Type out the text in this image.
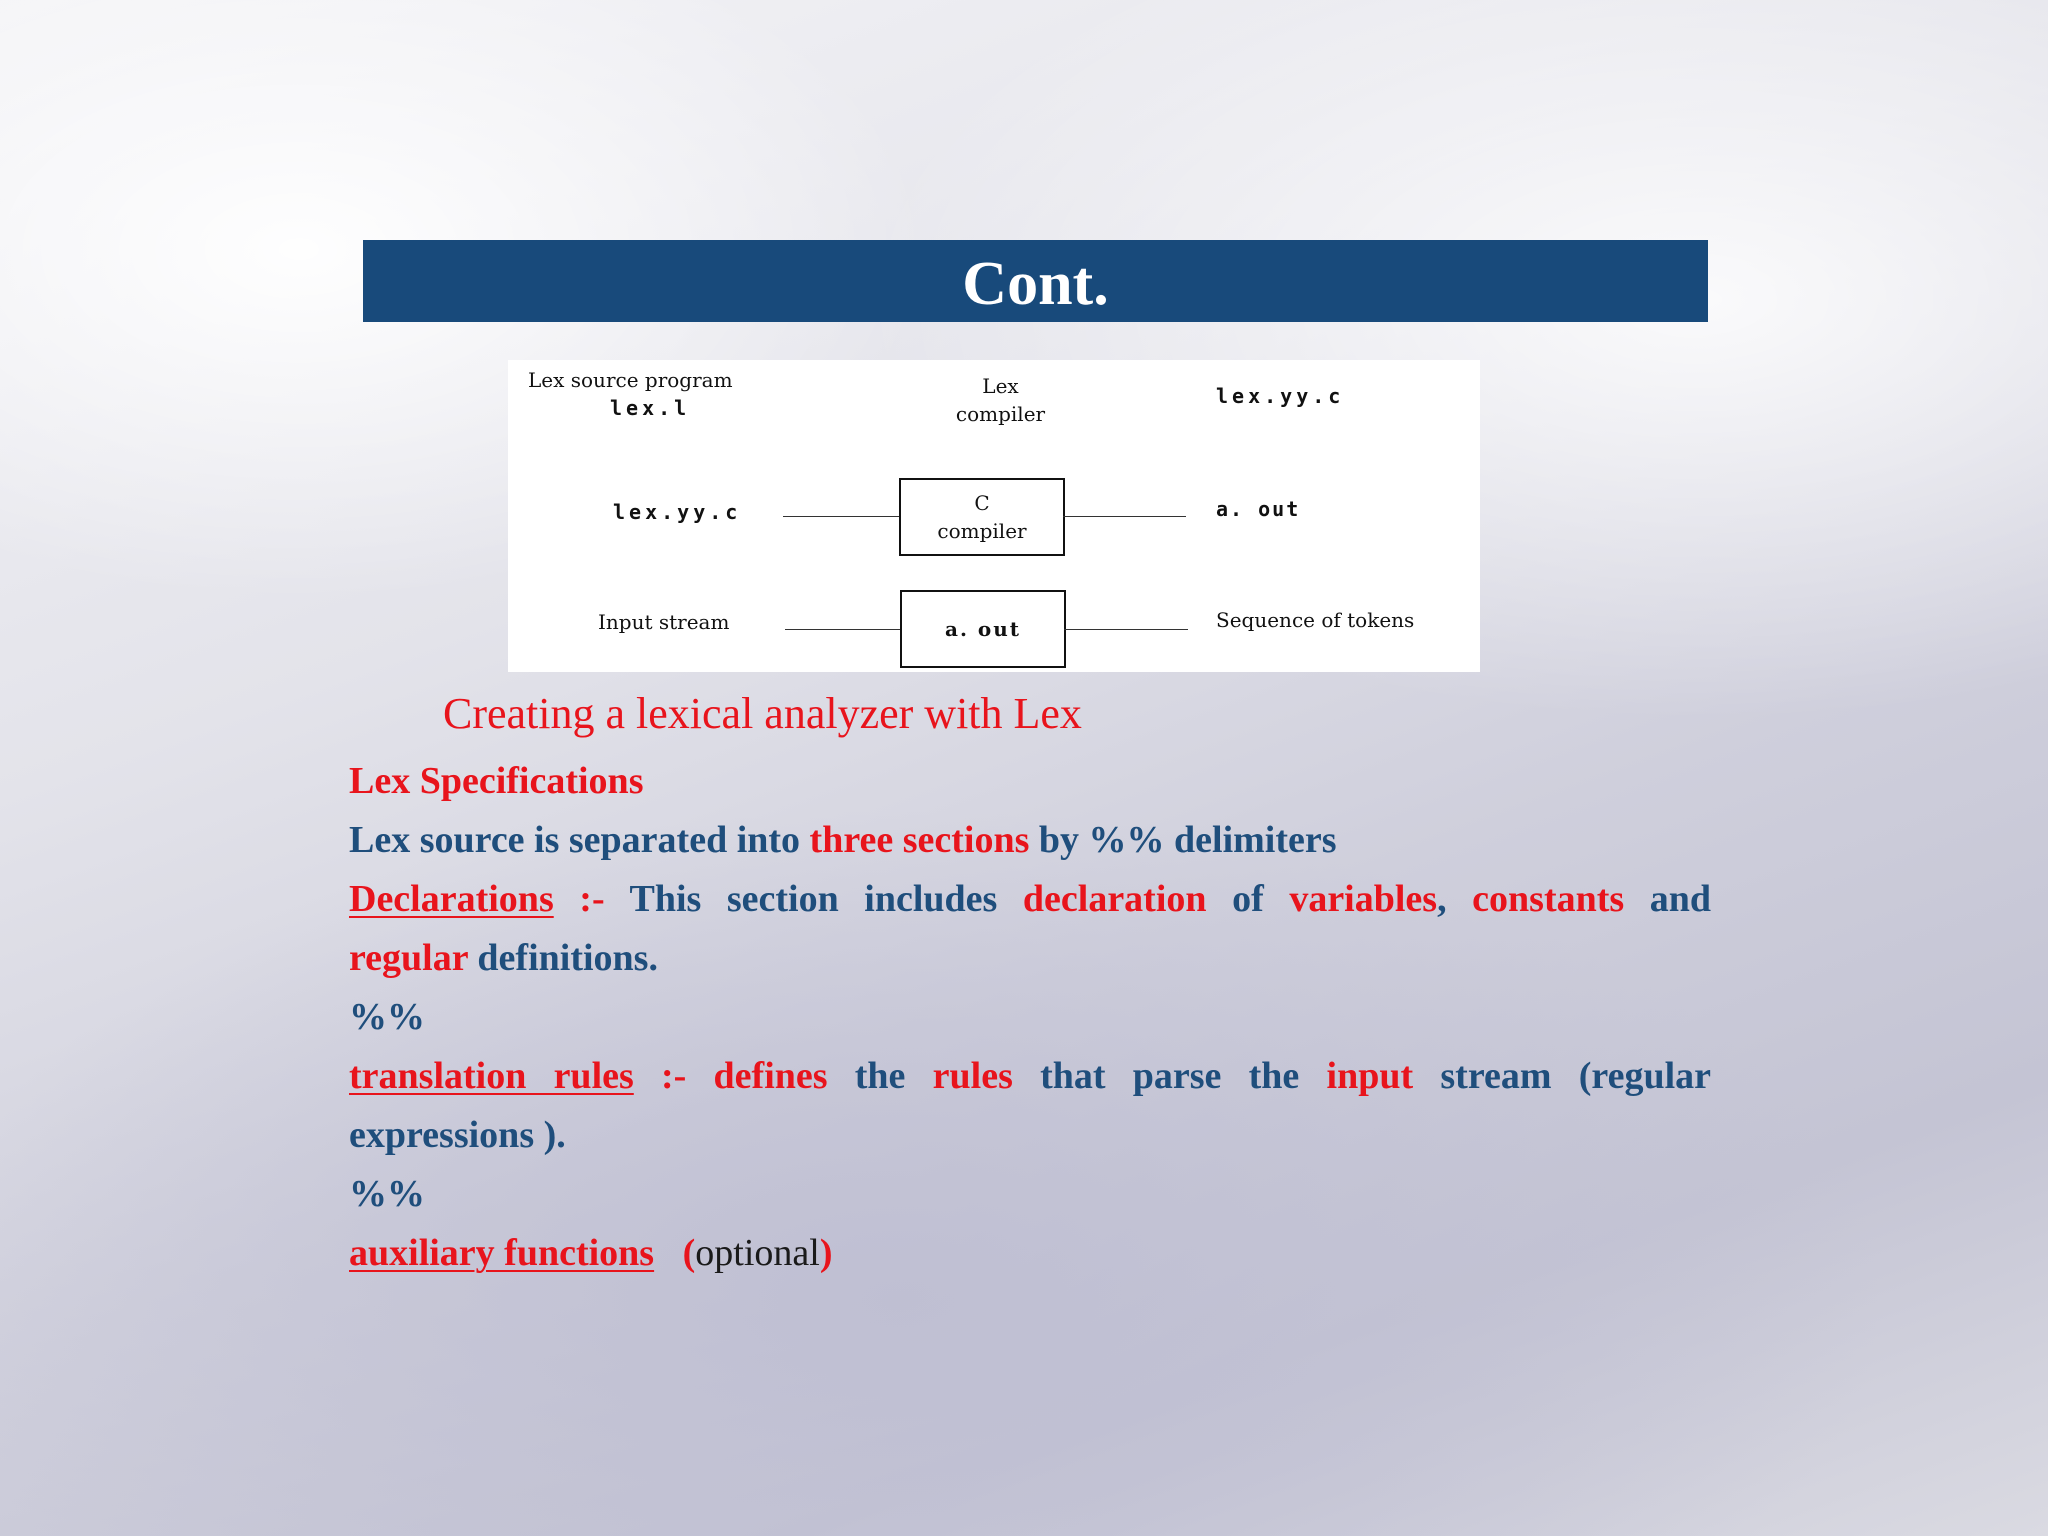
Cont.
Lex source program
lex.l
Lex
compiler
lex.yy.c
lex.yy.c	C
compiler
a. out
Input stream	a. out	Sequence of tokens
Creating a lexical analyzer with Lex

Lex Specifications

Lex source is separated into three sections by %% delimiters

Declarations :- This section includes declaration of variables, constants and

regular definitions.

%%

translation rules :- defines the rules that parse the input stream (regular

expressions ).

%%

auxiliary functions (optional)
